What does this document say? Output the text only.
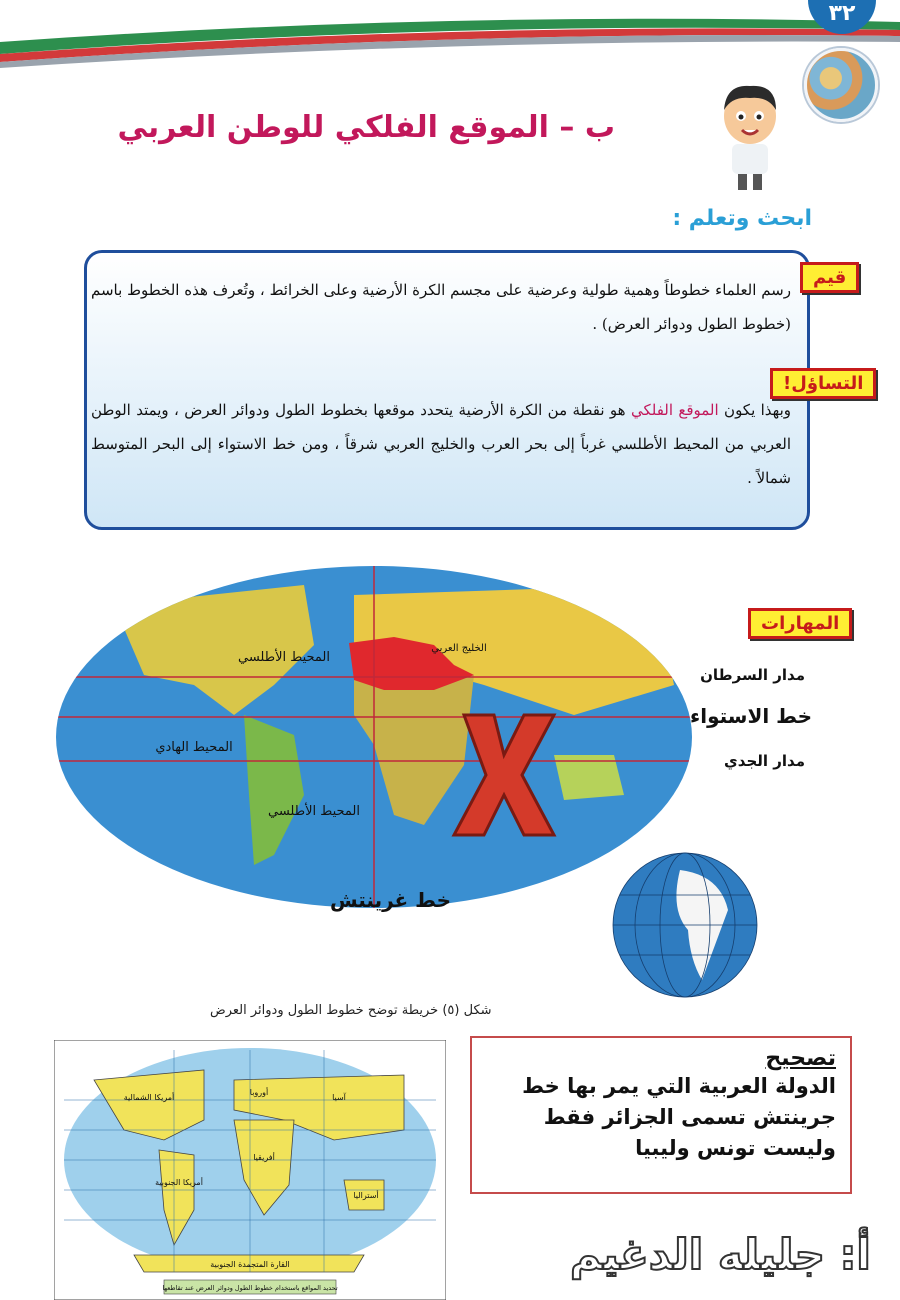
٣٢
ب – الموقع الفلكي للوطن العربي
ابحث وتعلم :
رسم العلماء خطوطاً وهمية طولية وعرضية على مجسم الكرة الأرضية وعلى الخرائط ، وتُعرف هذه الخطوط باسم (خطوط الطول ودوائر العرض) .
وبهذا يكون الموقع الفلكي هو نقطة من الكرة الأرضية يتحدد موقعها بخطوط الطول ودوائر العرض ، ويمتد الوطن العربي من المحيط الأطلسي غرباً إلى بحر العرب والخليج العربي شرقاً ، ومن خط الاستواء إلى البحر المتوسط شمالاً .
قيم
التساؤل!
المحيط الأطلسي
المحيط الهادي
المحيط الأطلسي
الخليج العربي
المهارات
مدار السرطان
خط الاستواء
مدار الجدي
خط غرينتش
شكل (٥) خريطة توضح خطوط الطول ودوائر العرض
أمريكا الشمالية
أمريكا الجنوبية
أوروبا
آسيا
أفريقيا
أستراليا
القارة المتجمدة الجنوبية
تحديد المواقع باستخدام خطوط الطول ودوائر العرض عند تقاطعها
تصحيح
الدولة العربية التي يمر بها خط جرينتش تسمى الجزائر فقط وليست تونس وليبيا
أ: جليله الدغيم
